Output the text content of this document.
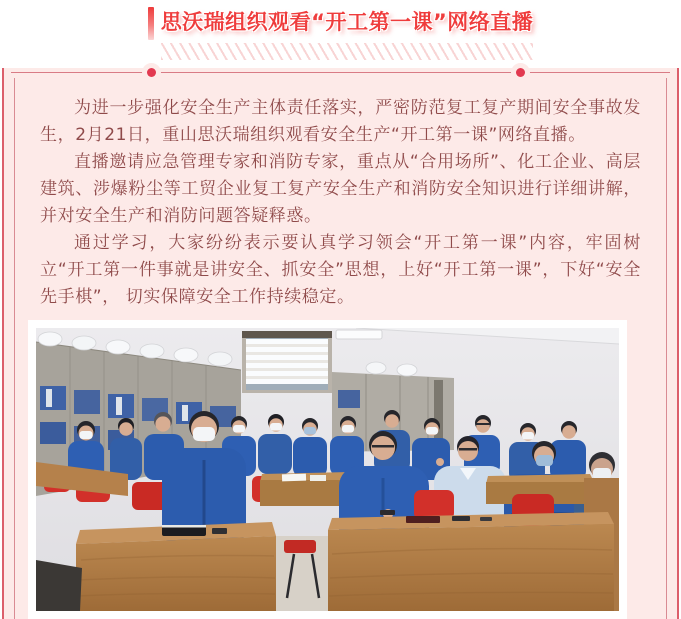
思沃瑞组织观看“开工第一课”网络直播

为进一步强化安全生产主体责任落实，严密防范复工复产期间安全事故发生，2月21日，重山思沃瑞组织观看安全生产“开工第一课”网络直播。

直播邀请应急管理专家和消防专家，重点从“合用场所”、化工企业、高层建筑、涉爆粉尘等工贸企业复工复产安全生产和消防安全知识进行详细讲解，并对安全生产和消防问题答疑释惑。

通过学习，大家纷纷表示要认真学习领会“开工第一课”内容，牢固树立“开工第一件事就是讲安全、抓安全”思想，上好“开工第一课”，下好“安全先手棋”， 切实保障安全工作持续稳定。
